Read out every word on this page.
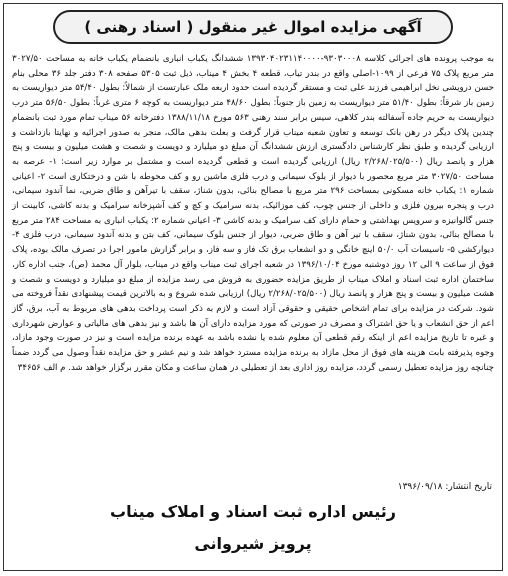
آگهی مزایده اموال غیر منقول ( اسناد رهنی )

به موجب پرونده های اجرائی کلاسه ۹۳۰۳۰۰۰۸-۱۳۹۳۰۴۰۲۳۱۱۴۰۰۰۰ ششدانگ یکباب انباری بانضمام یکباب خانه به مساحت ۳۰۲۷/۵۰ متر مربع پلاک ۷۵ فرعی از ۱۰۹۹-اصلی واقع در بندر تیاب، قطعه ۴ بخش ۴ میناب، ذیل ثبت ۵۳۰۵ صفحه ۳۰۸ دفتر جلد ۳۶ محلی بنام حسن درویشی نخل ابراهیمی فرزند علی ثبت و مستقر گردیده است حدود اربعه ملک عبارتست از شمالاً: بطول ۵۴/۴۰ متر دیواریست به زمین باز شرقاً: بطول ۵۱/۴۰ متر دیواریست به زمین باز جنوباً: بطول ۴۸/۶۰ متر دیواریست به کوچه ۶ متری غرباً: بطول ۵۶/۵۰ متر درب دیواریست به حریم جاده آسفالته بندر کلاهی، سیس برابر سند رهنی ۵۶۳ مورخ ۱۳۸۸/۱۱/۱۸ دفترخانه ۵۶ میناب تمام مورد ثبت بانضمام چندین پلاک دیگر در رهن بانک توسعه و تعاون شعبه میناب قرار گرفت و بعلت بدهی مالک، منجر به صدور اجرائیه و نهایتا بازداشت و ارزیابی گردیده و طبق نظر کارشناس دادگستری ارزش ششدانگ آن مبلغ دو میلیارد و دویست و شصت و هشت میلیون و بیست و پنج هزار و پانصد ریال (۲/۲۶۸/۰۲۵/۵۰۰ ریال) ارزیابی گردیده است و قطعی گردیده است و مشتمل بر موارد زیر است: ۱- عرصه به مساحت ۳۰۲۷/۵۰ متر مربع محصور با دیوار از بلوک سیمانی و درب فلزی ماشین رو و کف محوطه با شن و درختکاری است ۲- اعیانی شماره ۱: یکباب خانه مسکونی بمساحت ۲۹۶ متر مربع با مصالح بنائی، بدون شناژ، سقف با تیرآهن و طاق ضربی، نما آندود سیمانی، درب و پنجره بیرون فلزی و داخلی از جنس چوب، کف موزائیک، بدنه سرامیک و کچ و کف آشپزخانه سرامیک و بدنه کاشی، کابینت از جنس گالوانیزه و سرویس بهداشتی و حمام دارای کف سرامیک و بدنه کاشی ۳- اعیانی شماره ۲: یکباب انباری به مساحت ۲۸۴ متر مربع با مصالح بنائی، بدون شناژ، سقف با تیر آهن و طاق ضربی، دیوار از جنس بلوک سیمانی، کف بتن و بدنه آندود سیمانی، درب فلزی ۴- دیوارکشی ۵- تاسیسات آب ۵۰/۰ اینچ خانگی و دو انشعاب برق تک فاز و سه فاز، و برابر گزارش مامور اجرا در تصرف مالک بوده، پلاک فوق از ساعت ۹ الی ۱۲ روز دوشنبه مورخ ۱۳۹۶/۱۰/۰۴ در شعبه اجرای ثبت میناب واقع در میناب، بلوار آل محمد (ص)، جنب اداره کار، ساختمان اداره ثبت اسناد و املاک میناب از طریق مزایده حضوری به فروش می رسد مزایده از مبلغ دو میلیارد و دویست و شصت و هشت میلیون و بیست و پنج هزار و پانصد ریال (۲/۲۶۸/۰۲۵/۵۰۰ ریال) ارزیابی شده شروع و به بالاترین قیمت پیشنهادی نقداً فروخته می شود. شرکت در مزایده برای تمام اشخاص حقیقی و حقوقی آزاد است و لازم به ذکر است پرداخت بدهی های مربوط به آب، برق، گاز اعم از حق انشعاب و یا حق اشتراک و مصرف در صورتی که مورد مزایده دارای آن ها باشد و نیز بدهی های مالیاتی و عوارض شهرداری و غیره تا تاریخ مزایده اعم از اینکه رقم قطعی آن معلوم شده یا نشده باشد به عهده برنده مزایده است و نیز در صورت وجود مازاد، وجوه پذیرفته بابت هزینه های فوق از محل مازاد به برنده مزایده مسترد خواهد شد و نیم عشر و حق مزایده نقداً وصول می گردد ضمناً چنانچه روز مزایده تعطیل رسمی گردد، مزایده روز اداری بعد از تعطیلی در همان ساعت و مکان مقرر برگزار خواهد شد. م الف ۳۴۶۵۶

تاریخ انتشار: ۱۳۹۶/۰۹/۱۸
رئیس اداره ثبت اسناد و املاک میناب
پرویز شیروانی
